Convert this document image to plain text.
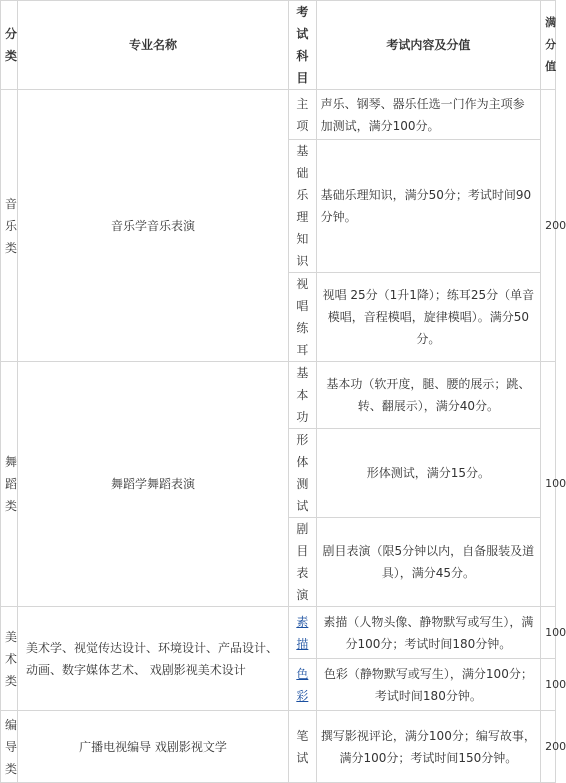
分类	专业名称	考试科目	考试内容及分值	满分值
音乐类	音乐学音乐表演	主项	声乐、钢琴、器乐任选一门作为主项参加测试，满分100分。	200
		基础乐理知识	基础乐理知识，满分50分；考试时间90分钟。	
		视唱练耳	视唱 25分（1升1降）；练耳25分（单音模唱，音程模唱，旋律模唱）。满分50分。	
舞蹈类	舞蹈学舞蹈表演	基本功	基本功（软开度，腿、腰的展示；跳、转、翻展示），满分40分。	100
		形体测试	形体测试，满分15分。	
		剧目表演	剧目表演（限5分钟以内，自备服装及道具），满分45分。	
美术类	美术学、视觉传达设计、环境设计、产品设计、动画、数字媒体艺术、 戏剧影视美术设计	素描	素描（人物头像、静物默写或写生），满分100分；考试时间180分钟。	100
		色彩	色彩（静物默写或写生），满分100分；考试时间180分钟。	100
编导类	广播电视编导 戏剧影视文学	笔试	撰写影视评论，满分100分；编写故事，满分100分；考试时间150分钟。	200
